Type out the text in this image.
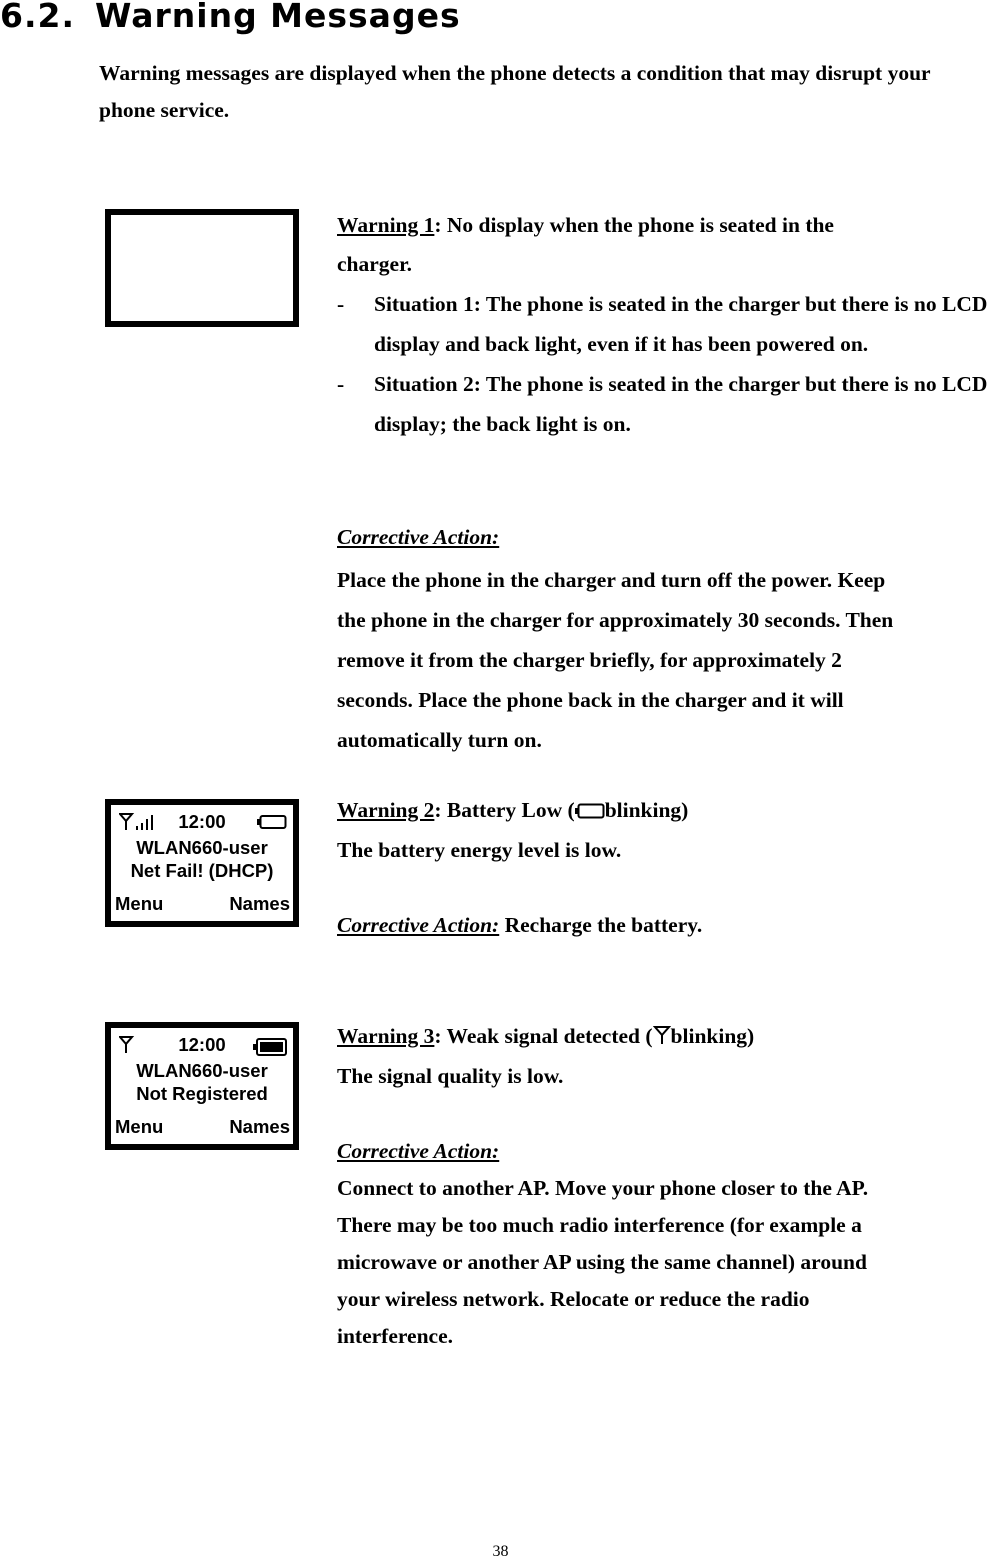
6.2. Warning Messages

Warning messages are displayed when the phone detects a condition that may disrupt your phone service.

12:00
WLAN660-user
Net Fail! (DHCP)
Menu	Names
12:00
WLAN660-user
Not Registered
Menu	Names

Warning 1: No display when the phone is seated in the

charger.

- Situation 1: The phone is seated in the charger but there is no LCD display and back light, even if it has been powered on.

- Situation 2: The phone is seated in the charger but there is no LCD display; the back light is on.

Corrective Action:

Place the phone in the charger and turn off the power. Keep

the phone in the charger for approximately 30 seconds. Then

remove it from the charger briefly, for approximately 2

seconds. Place the phone back in the charger and it will

automatically turn on.

Warning 2: Battery Low ( blinking)

The battery energy level is low.

Corrective Action: Recharge the battery.

Warning 3: Weak signal detected ( blinking)

The signal quality is low.

Corrective Action:

Connect to another AP. Move your phone closer to the AP.

There may be too much radio interference (for example a

microwave or another AP using the same channel) around

your wireless network. Relocate or reduce the radio

interference.

38
